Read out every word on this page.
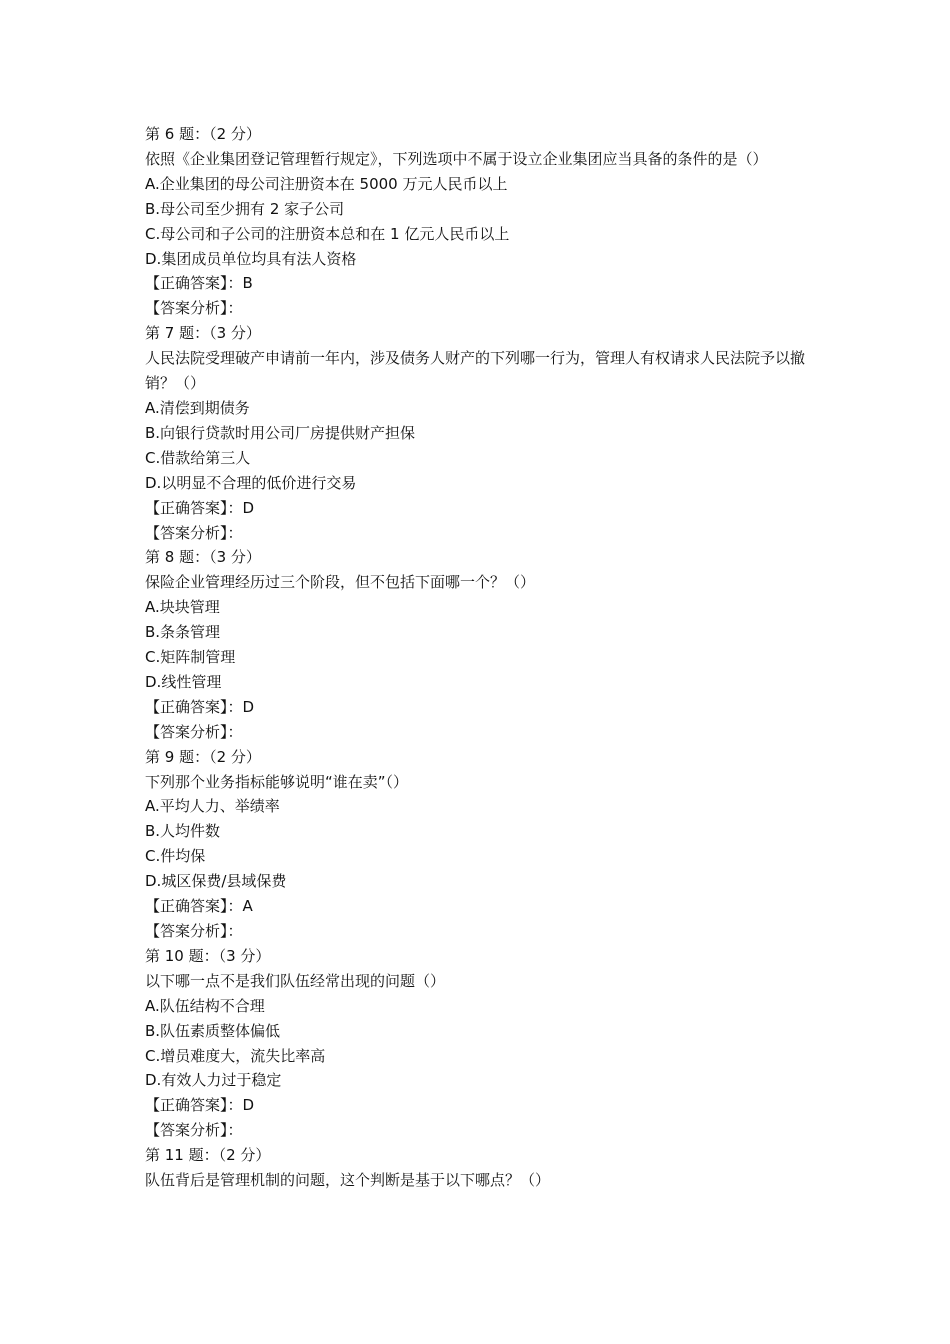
第 6 题：（2 分）
依照《企业集团登记管理暂行规定》，下列选项中不属于设立企业集团应当具备的条件的是（）
A.企业集团的母公司注册资本在 5000 万元人民币以上
B.母公司至少拥有 2 家子公司
C.母公司和子公司的注册资本总和在 1 亿元人民币以上
D.集团成员单位均具有法人资格
【正确答案】：B
【答案分析】：
第 7 题：（3 分）
人民法院受理破产申请前一年内，涉及债务人财产的下列哪一行为，管理人有权请求人民法院予以撤销？（）
A.清偿到期债务
B.向银行贷款时用公司厂房提供财产担保
C.借款给第三人
D.以明显不合理的低价进行交易
【正确答案】：D
【答案分析】：
第 8 题：（3 分）
保险企业管理经历过三个阶段，但不包括下面哪一个？（）
A.块块管理
B.条条管理
C.矩阵制管理
D.线性管理
【正确答案】：D
【答案分析】：
第 9 题：（2 分）
下列那个业务指标能够说明“谁在卖”（）
A.平均人力、举绩率
B.人均件数
C.件均保
D.城区保费/县域保费
【正确答案】：A
【答案分析】：
第 10 题：（3 分）
以下哪一点不是我们队伍经常出现的问题（）
A.队伍结构不合理
B.队伍素质整体偏低
C.增员难度大，流失比率高
D.有效人力过于稳定
【正确答案】：D
【答案分析】：
第 11 题：（2 分）
队伍背后是管理机制的问题，这个判断是基于以下哪点？（）
